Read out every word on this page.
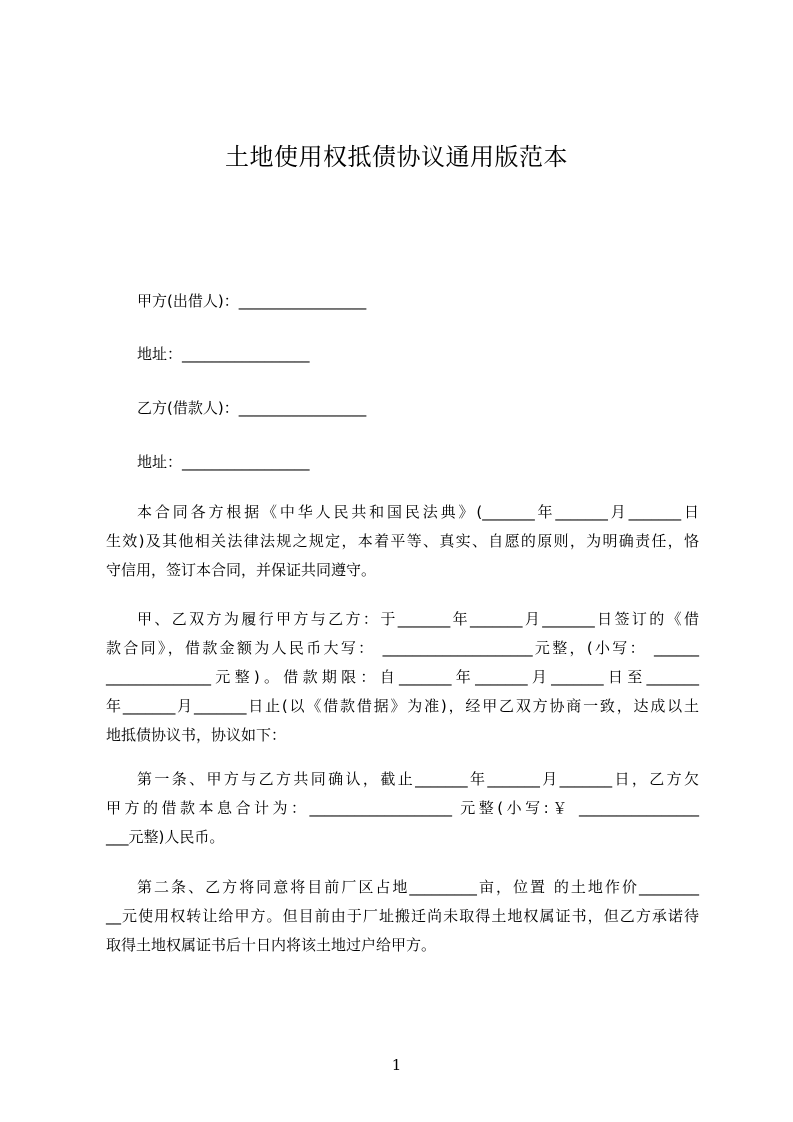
土地使用权抵债协议通用版范本
甲方(出借人)：_________________
地址：_________________
乙方(借款人)：_________________
地址：_________________
本合同各方根据《中华人民共和国民法典》(_______年_______月_______日
生效)及其他相关法律法规之规定，本着平等、真实、自愿的原则，为明确责任，恪
守信用，签订本合同，并保证共同遵守。
甲、乙双方为履行甲方与乙方：于_______年_______月_______日签订的《借
款合同》，借款金额为人民币大写： ____________________元整，(小写： ______
______________元整)。借款期限：自_______年_______月_______日至_______
年_______月_______日止(以《借款借据》为准)，经甲乙双方协商一致，达成以土
地抵债协议书，协议如下：
第一条、甲方与乙方共同确认，截止_______年_______月_______日，乙方欠
甲方的借款本息合计为：___________________ 元整(小写:￥ ________________
___元整)人民币。
第二条、乙方将同意将目前厂区占地_________亩，位置 的土地作价________
__元使用权转让给甲方。但目前由于厂址搬迁尚未取得土地权属证书，但乙方承诺待
取得土地权属证书后十日内将该土地过户给甲方。
1
